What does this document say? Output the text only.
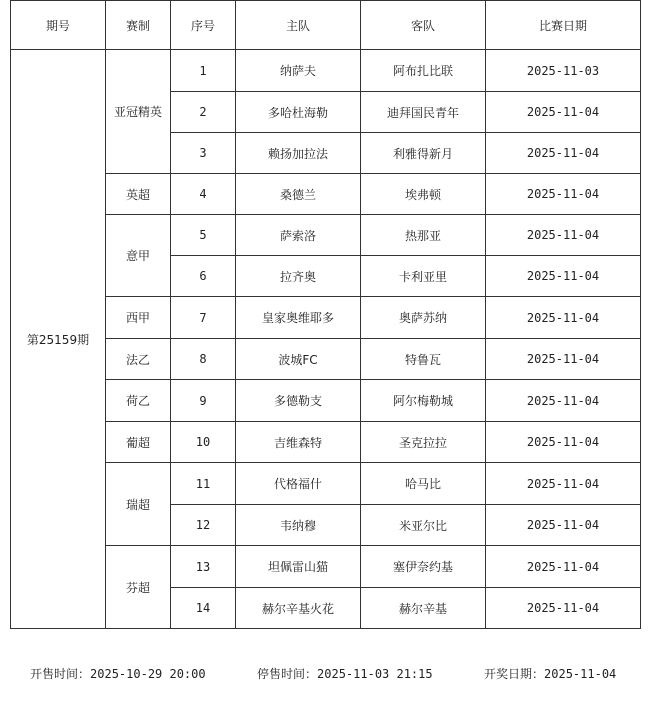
期号	赛制	序号	主队	客队	比赛日期
第25159期	亚冠精英	1	纳萨夫	阿布扎比联	2025-11-03
		2	多哈杜海勒	迪拜国民青年	2025-11-04
		3	赖扬加拉法	利雅得新月	2025-11-04
	英超	4	桑德兰	埃弗顿	2025-11-04
	意甲	5	萨索洛	热那亚	2025-11-04
		6	拉齐奥	卡利亚里	2025-11-04
	西甲	7	皇家奥维耶多	奥萨苏纳	2025-11-04
	法乙	8	波城FC	特鲁瓦	2025-11-04
	荷乙	9	多德勒支	阿尔梅勒城	2025-11-04
	葡超	10	吉维森特	圣克拉拉	2025-11-04
	瑞超	11	代格福什	哈马比	2025-11-04
		12	韦纳穆	米亚尔比	2025-11-04
	芬超	13	坦佩雷山猫	塞伊奈约基	2025-11-04
		14	赫尔辛基火花	赫尔辛基	2025-11-04
开售时间：2025-10-29 20:00	停售时间：2025-11-03 21:15	开奖日期：2025-11-04
